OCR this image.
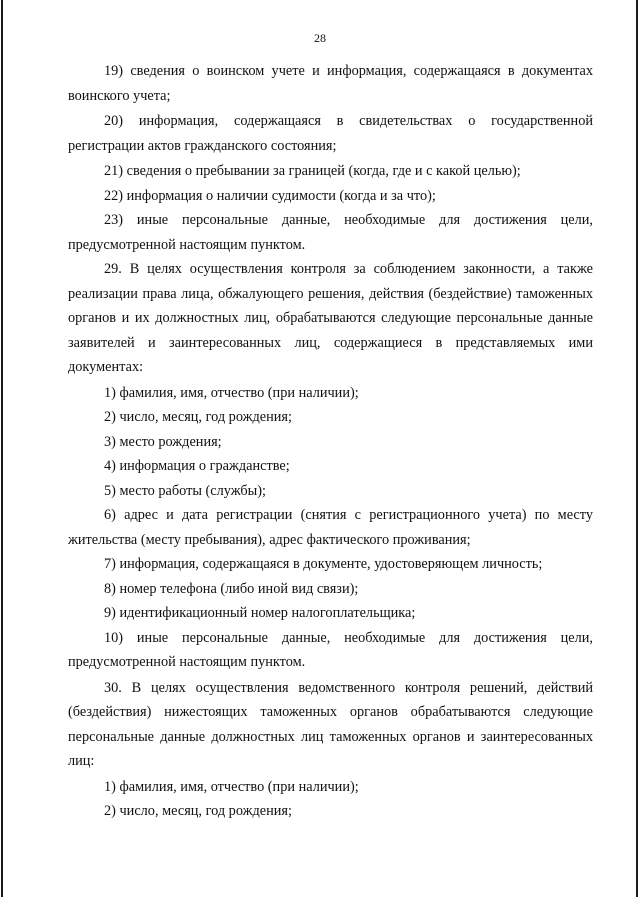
28

19) сведения о воинском учете и информация, содержащаяся в документах воинского учета;

20) информация, содержащаяся в свидетельствах о государственной регистрации актов гражданского состояния;

21) сведения о пребывании за границей (когда, где и с какой целью);

22) информация о наличии судимости (когда и за что);

23) иные персональные данные, необходимые для достижения цели, предусмотренной настоящим пунктом.

29. В целях осуществления контроля за соблюдением законности, а также реализации права лица, обжалующего решения, действия (бездействие) таможенных органов и их должностных лиц, обрабатываются следующие персональные данные заявителей и заинтересованных лиц, содержащиеся в представляемых ими документах:

1) фамилия, имя, отчество (при наличии);

2) число, месяц, год рождения;

3) место рождения;

4) информация о гражданстве;

5) место работы (службы);

6) адрес и дата регистрации (снятия с регистрационного учета) по месту жительства (месту пребывания), адрес фактического проживания;

7) информация, содержащаяся в документе, удостоверяющем личность;

8) номер телефона (либо иной вид связи);

9) идентификационный номер налогоплательщика;

10) иные персональные данные, необходимые для достижения цели, предусмотренной настоящим пунктом.

30. В целях осуществления ведомственного контроля решений, действий (бездействия) нижестоящих таможенных органов обрабатываются следующие персональные данные должностных лиц таможенных органов и заинтересованных лиц:

1) фамилия, имя, отчество (при наличии);

2) число, месяц, год рождения;
